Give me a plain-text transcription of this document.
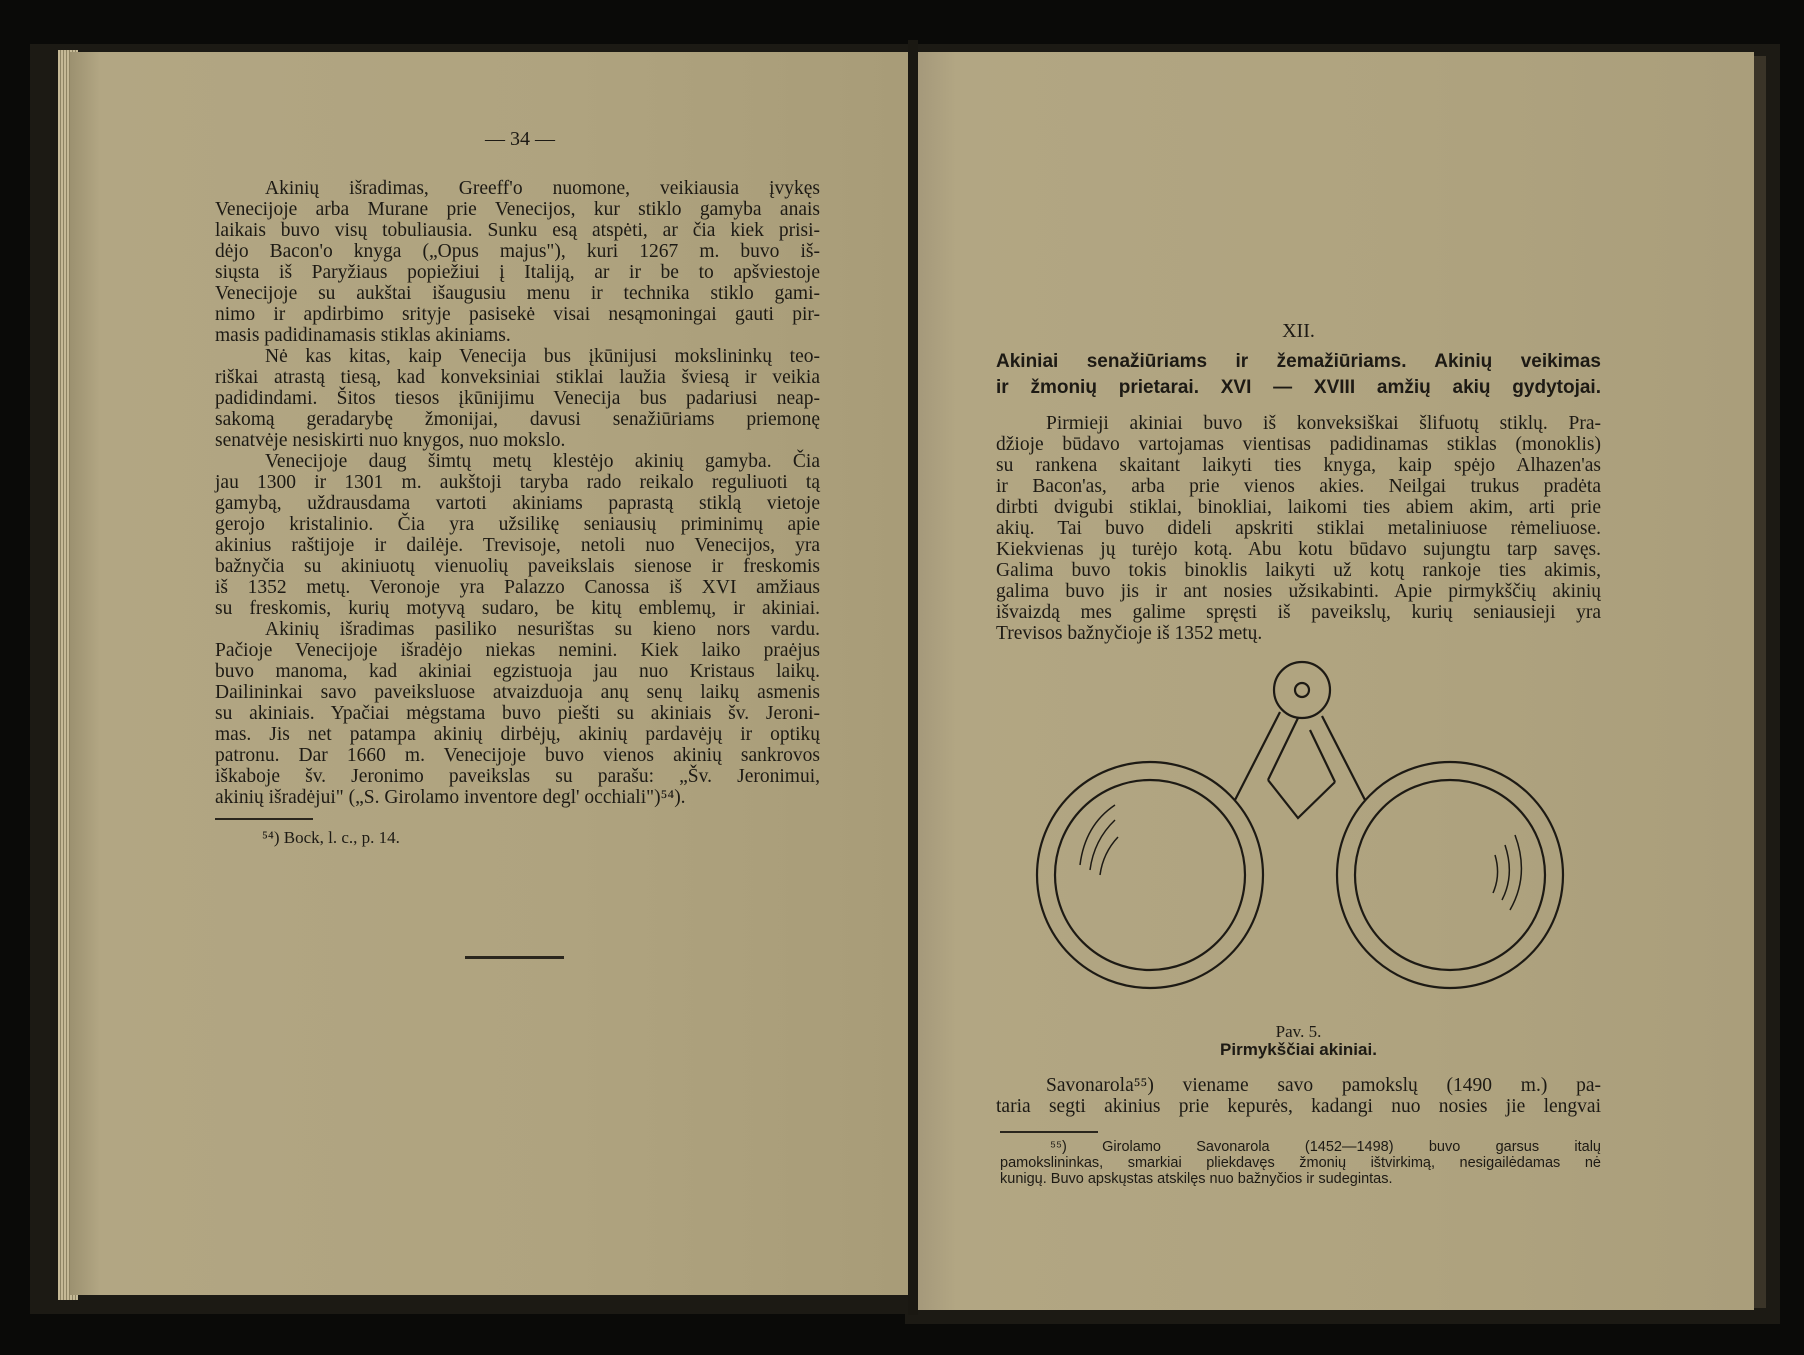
— 34 —
Akinių išradimas, Greeff'o nuomone, veikiausia įvykęs
Venecijoje arba Murane prie Venecijos, kur stiklo gamyba anais
laikais buvo visų tobuliausia. Sunku esą atspėti, ar čia kiek prisi-
dėjo Bacon'o knyga („Opus majus"), kuri 1267 m. buvo iš-
siųsta iš Paryžiaus popiežiui į Italiją, ar ir be to apšviestoje
Venecijoje su aukštai išaugusiu menu ir technika stiklo gami-
nimo ir apdirbimo srityje pasisekė visai nesąmoningai gauti pir-
masis padidinamasis stiklas akiniams.
Nė kas kitas, kaip Venecija bus įkūnijusi mokslininkų teo-
riškai atrastą tiesą, kad konveksiniai stiklai laužia šviesą ir veikia
padidindami. Šitos tiesos įkūnijimu Venecija bus padariusi neap-
sakomą geradarybę žmonijai, davusi senažiūriams priemonę
senatvėje nesiskirti nuo knygos, nuo mokslo.
Venecijoje daug šimtų metų klestėjo akinių gamyba. Čia
jau 1300 ir 1301 m. aukštoji taryba rado reikalo reguliuoti tą
gamybą, uždrausdama vartoti akiniams paprastą stiklą vietoje
gerojo kristalinio. Čia yra užsilikę seniausių priminimų apie
akinius raštijoje ir dailėje. Trevisoje, netoli nuo Venecijos, yra
bažnyčia su akiniuotų vienuolių paveikslais sienose ir freskomis
iš 1352 metų. Veronoje yra Palazzo Canossa iš XVI amžiaus
su freskomis, kurių motyvą sudaro, be kitų emblemų, ir akiniai.
Akinių išradimas pasiliko nesurištas su kieno nors vardu.
Pačioje Venecijoje išradėjo niekas nemini. Kiek laiko praėjus
buvo manoma, kad akiniai egzistuoja jau nuo Kristaus laikų.
Dailininkai savo paveiksluose atvaizduoja anų senų laikų asmenis
su akiniais. Ypačiai mėgstama buvo piešti su akiniais šv. Jeroni-
mas. Jis net patampa akinių dirbėjų, akinių pardavėjų ir optikų
patronu. Dar 1660 m. Venecijoje buvo vienos akinių sankrovos
iškaboje šv. Jeronimo paveikslas su parašu: „Šv. Jeronimui,
akinių išradėjui" („S. Girolamo inventore degl' occhiali")⁵⁴).
⁵⁴) Bock, l. c., p. 14.
XII.
Akiniai senažiūriams ir žemažiūriams. Akinių veikimas
ir žmonių prietarai. XVI — XVIII amžių akių gydytojai.
Pirmieji akiniai buvo iš konveksiškai šlifuotų stiklų. Pra-
džioje būdavo vartojamas vientisas padidinamas stiklas (monoklis)
su rankena skaitant laikyti ties knyga, kaip spėjo Alhazen'as
ir Bacon'as, arba prie vienos akies. Neilgai trukus pradėta
dirbti dvigubi stiklai, binokliai, laikomi ties abiem akim, arti prie
akių. Tai buvo dideli apskriti stiklai metaliniuose rėmeliuose.
Kiekvienas jų turėjo kotą. Abu kotu būdavo sujungtu tarp savęs.
Galima buvo tokis binoklis laikyti už kotų rankoje ties akimis,
galima buvo jis ir ant nosies užsikabinti. Apie pirmykščių akinių
išvaizdą mes galime spręsti iš paveikslų, kurių seniausieji yra
Trevisos bažnyčioje iš 1352 metų.
Pav. 5.
Pirmykščiai akiniai.
Savonarola⁵⁵) viename savo pamokslų (1490 m.) pa-
taria segti akinius prie kepurės, kadangi nuo nosies jie lengvai
⁵⁵) Girolamo Savonarola (1452—1498) buvo garsus italų
pamokslininkas, smarkiai pliekdavęs žmonių ištvirkimą, nesigailėdamas nė
kunigų. Buvo apskųstas atskilęs nuo bažnyčios ir sudegintas.
